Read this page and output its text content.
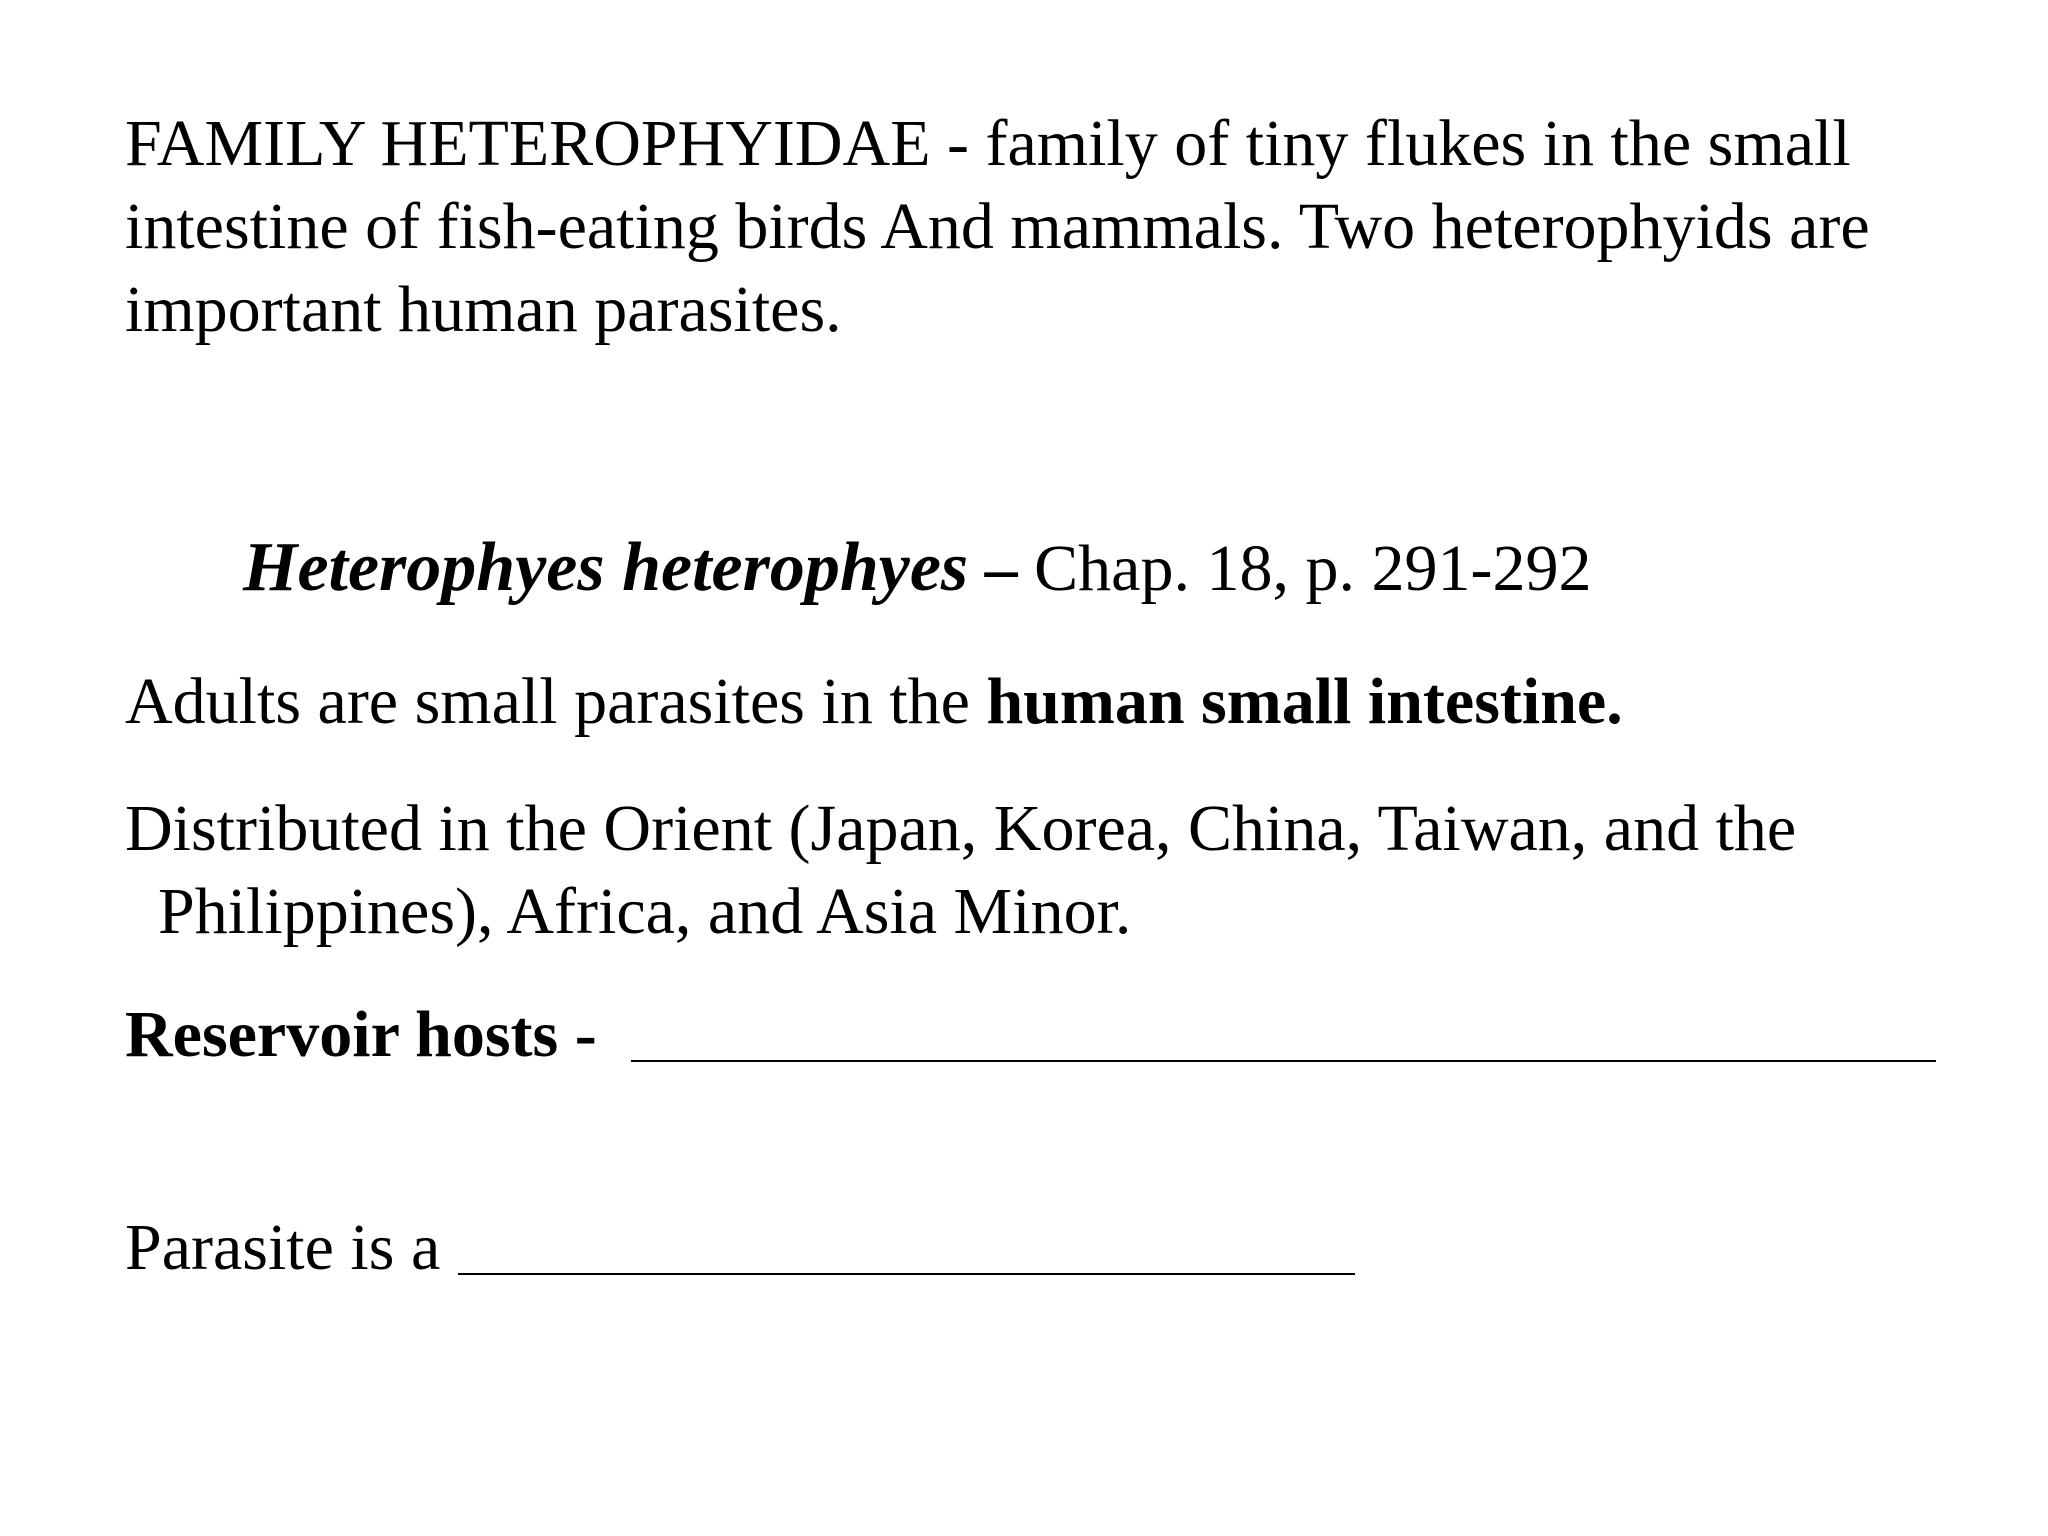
FAMILY HETEROPHYIDAE - family of tiny flukes in the small
intestine of fish-eating birds And mammals. Two heterophyids are
important human parasites.
Heterophyes heterophyes – Chap. 18, p. 291-292
Adults are small parasites in the human small intestine.
Distributed in the Orient (Japan, Korea, China, Taiwan, and the
Philippines), Africa, and Asia Minor.
Reservoir hosts -
Parasite is a
